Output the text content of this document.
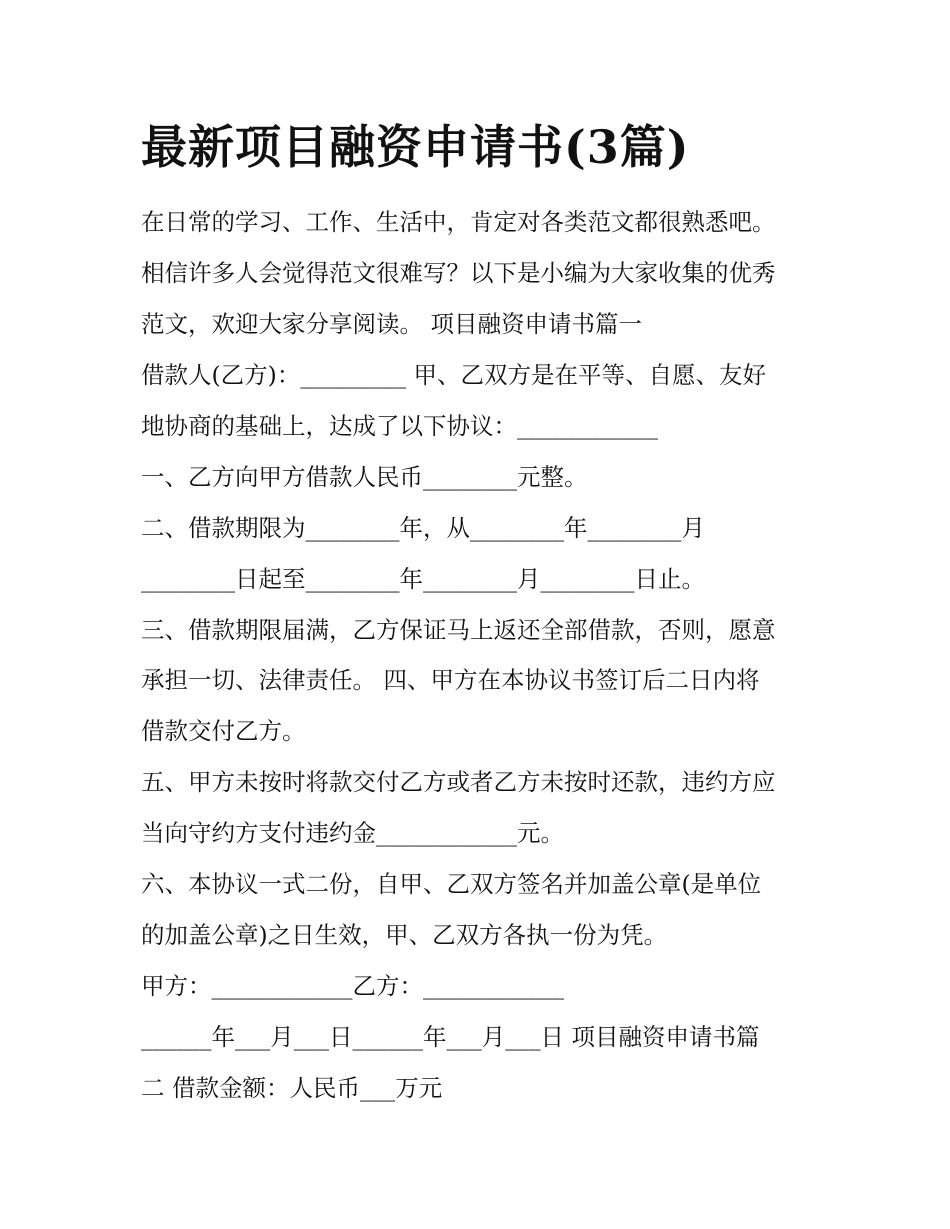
最新项目融资申请书(3篇)
在日常的学习、工作、生活中，肯定对各类范文都很熟悉吧。
相信许多人会觉得范文很难写？以下是小编为大家收集的优秀
范文，欢迎大家分享阅读。 项目融资申请书篇一
借款人(乙方)：_________ 甲、乙双方是在平等、自愿、友好
地协商的基础上，达成了以下协议：____________
一、乙方向甲方借款人民币________元整。
二、借款期限为________年，从________年________月
________日起至________年________月________日止。
三、借款期限届满，乙方保证马上返还全部借款，否则，愿意
承担一切、法律责任。 四、甲方在本协议书签订后二日内将
借款交付乙方。
五、甲方未按时将款交付乙方或者乙方未按时还款，违约方应
当向守约方支付违约金____________元。
六、本协议一式二份，自甲、乙双方签名并加盖公章(是单位
的加盖公章)之日生效，甲、乙双方各执一份为凭。
甲方：____________乙方：____________
______年___月___日______年___月___日 项目融资申请书篇
二 借款金额：人民币___万元
